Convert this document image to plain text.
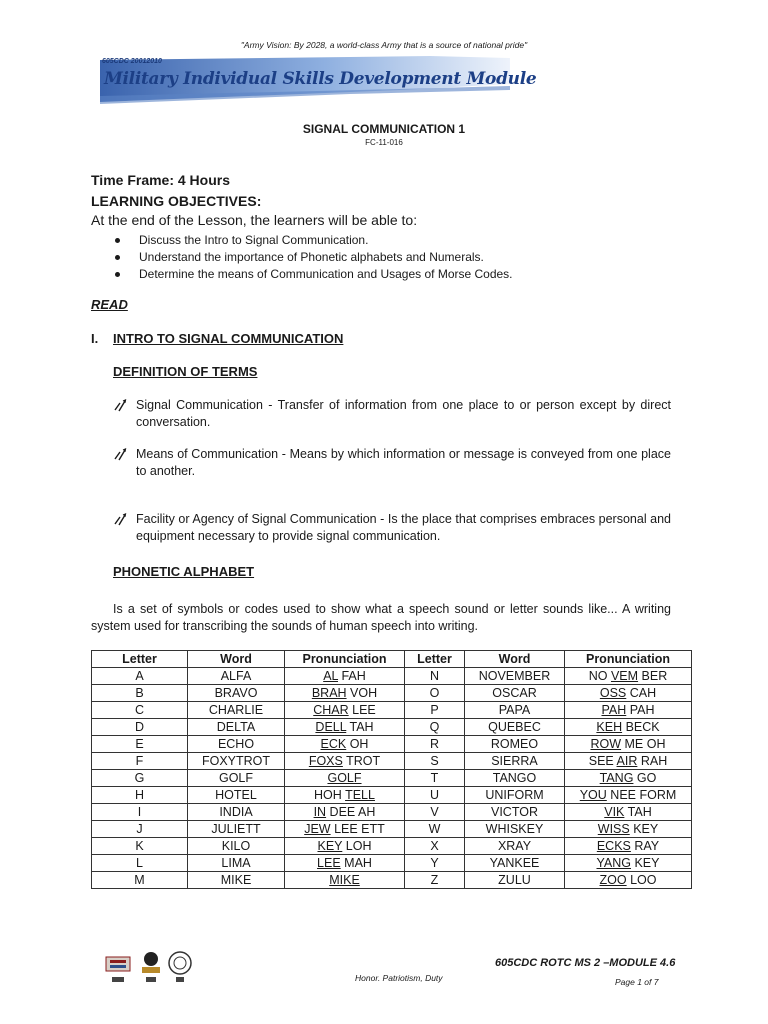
"Army Vision: By 2028, a world-class Army that is a source of national pride"
605CDC 20012010
Military Individual Skills Development Module
SIGNAL COMMUNICATION 1
FC-11-016
Time Frame: 4 Hours
LEARNING OBJECTIVES:
At the end of the Lesson, the learners will be able to:
Discuss the Intro to Signal Communication.
Understand the importance of Phonetic alphabets and Numerals.
Determine the means of Communication and Usages of Morse Codes.
READ
I. INTRO TO SIGNAL COMMUNICATION
DEFINITION OF TERMS
Signal Communication - Transfer of information from one place to or person except by direct conversation.
Means of Communication - Means by which information or message is conveyed from one place to another.
Facility or Agency of Signal Communication - Is the place that comprises embraces personal and equipment necessary to provide signal communication.
PHONETIC ALPHABET
Is a set of symbols or codes used to show what a speech sound or letter sounds like... A writing system used for transcribing the sounds of human speech into writing.
Letter	Word	Pronunciation	Letter	Word	Pronunciation
A	ALFA	AL FAH	N	NOVEMBER	NO VEM BER
B	BRAVO	BRAH VOH	O	OSCAR	OSS CAH
C	CHARLIE	CHAR LEE	P	PAPA	PAH PAH
D	DELTA	DELL TAH	Q	QUEBEC	KEH BECK
E	ECHO	ECK OH	R	ROMEO	ROW ME OH
F	FOXYTROT	FOXS TROT	S	SIERRA	SEE AIR RAH
G	GOLF	GOLF	T	TANGO	TANG GO
H	HOTEL	HOH TELL	U	UNIFORM	YOU NEE FORM
I	INDIA	IN DEE AH	V	VICTOR	VIK TAH
J	JULIETT	JEW LEE ETT	W	WHISKEY	WISS KEY
K	KILO	KEY LOH	X	XRAY	ECKS RAY
L	LIMA	LEE MAH	Y	YANKEE	YANG KEY
M	MIKE	MIKE	Z	ZULU	ZOO LOO
Honor. Patriotism, Duty
605CDC ROTC MS 2 –MODULE 4.6
Page 1 of 7
